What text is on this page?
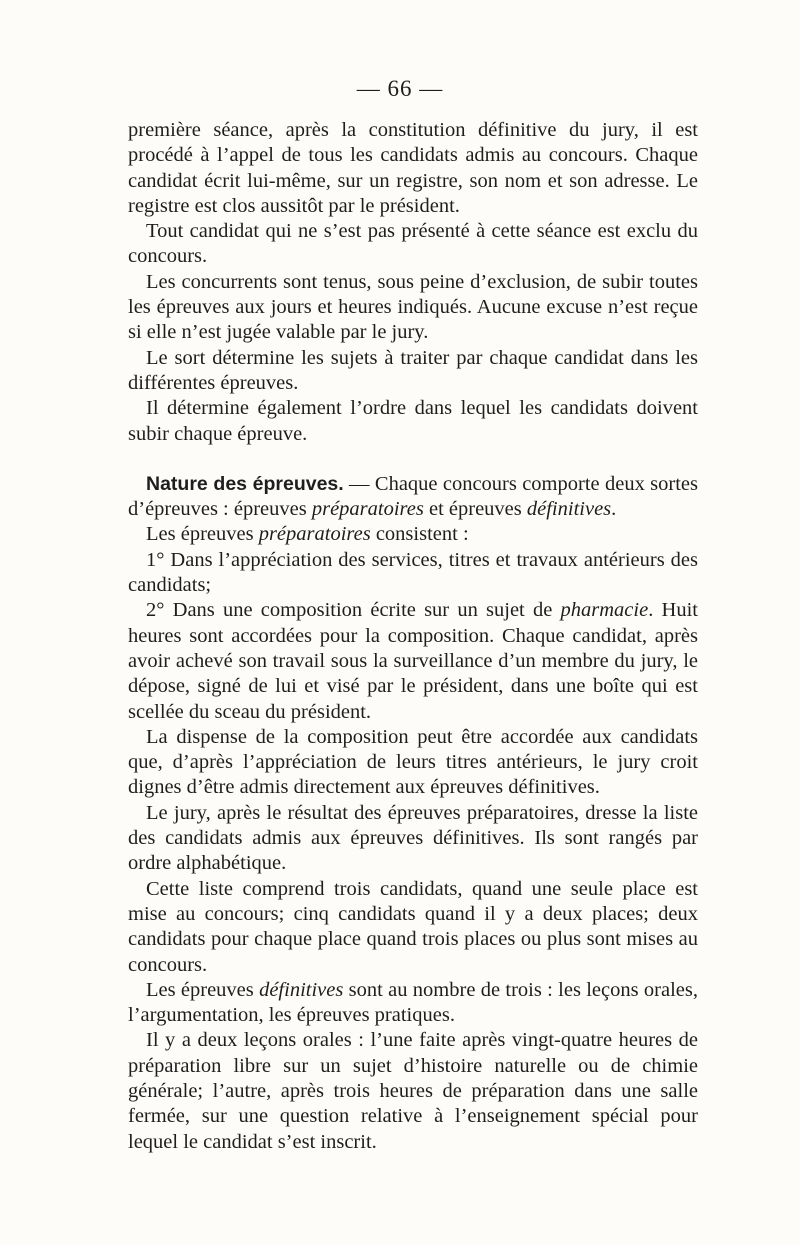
— 66 —

première séance, après la constitution définitive du jury, il est procédé à l’appel de tous les candidats admis au concours. Chaque candidat écrit lui-même, sur un registre, son nom et son adresse. Le registre est clos aussitôt par le président.

Tout candidat qui ne s’est pas présenté à cette séance est exclu du concours.

Les concurrents sont tenus, sous peine d’exclusion, de subir toutes les épreuves aux jours et heures indiqués. Aucune excuse n’est reçue si elle n’est jugée valable par le jury.

Le sort détermine les sujets à traiter par chaque candidat dans les différentes épreuves.

Il détermine également l’ordre dans lequel les candidats doivent subir chaque épreuve.

Nature des épreuves. — Chaque concours comporte deux sortes d’épreuves : épreuves préparatoires et épreuves définitives.

Les épreuves préparatoires consistent :

1° Dans l’appréciation des services, titres et travaux antérieurs des candidats;

2° Dans une composition écrite sur un sujet de pharmacie. Huit heures sont accordées pour la composition. Chaque candidat, après avoir achevé son travail sous la surveillance d’un membre du jury, le dépose, signé de lui et visé par le président, dans une boîte qui est scellée du sceau du président.

La dispense de la composition peut être accordée aux candidats que, d’après l’appréciation de leurs titres antérieurs, le jury croit dignes d’être admis directement aux épreuves définitives.

Le jury, après le résultat des épreuves préparatoires, dresse la liste des candidats admis aux épreuves définitives. Ils sont rangés par ordre alphabétique.

Cette liste comprend trois candidats, quand une seule place est mise au concours; cinq candidats quand il y a deux places; deux candidats pour chaque place quand trois places ou plus sont mises au concours.

Les épreuves définitives sont au nombre de trois : les leçons orales, l’argumentation, les épreuves pratiques.

Il y a deux leçons orales : l’une faite après vingt-quatre heures de préparation libre sur un sujet d’histoire naturelle ou de chimie générale; l’autre, après trois heures de préparation dans une salle fermée, sur une question relative à l’enseignement spécial pour lequel le candidat s’est inscrit.
